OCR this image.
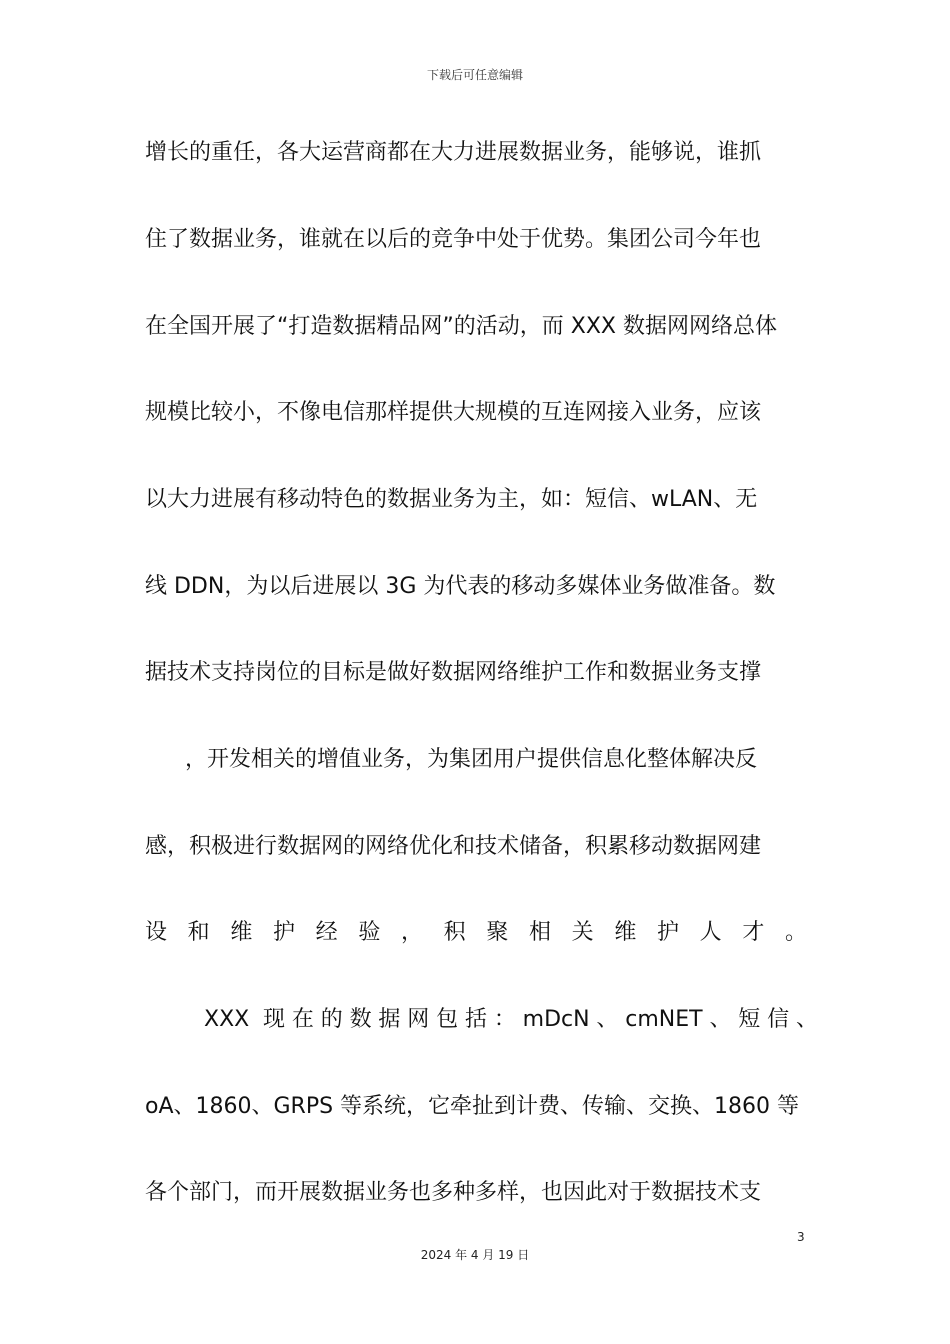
下载后可任意编辑
增长的重任，各大运营商都在大力进展数据业务，能够说，谁抓
住了数据业务，谁就在以后的竞争中处于优势。集团公司今年也
在全国开展了“打造数据精品网”的活动，而 XXX 数据网网络总体
规模比较小，不像电信那样提供大规模的互连网接入业务，应该
以大力进展有移动特色的数据业务为主，如：短信、wLAN、无
线 DDN，为以后进展以 3G 为代表的移动多媒体业务做准备。数
据技术支持岗位的目标是做好数据网络维护工作和数据业务支撑
，开发相关的增值业务，为集团用户提供信息化整体解决反
感，积极进行数据网的网络优化和技术储备，积累移动数据网建
设和维护经验，积聚相关维护人才。
XXX 现在的数据网包括：mDcN、cmNET、短信、
oA、1860、GRPS 等系统，它牵扯到计费、传输、交换、1860 等
各个部门，而开展数据业务也多种多样，也因此对于数据技术支
3
2024 年 4 月 19 日
